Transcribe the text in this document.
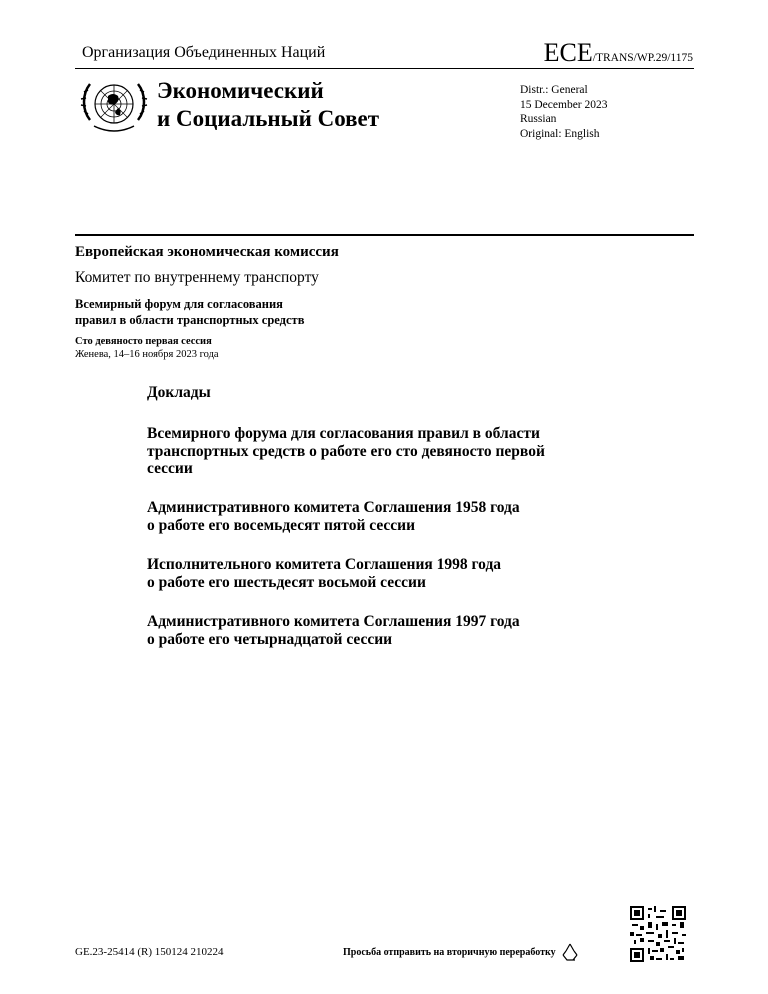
Организация Объединенных Наций	ECE/TRANS/WP.29/1175
Экономический
и Социальный Совет
Distr.: General
15 December 2023
Russian
Original: English
Европейская экономическая комиссия
Комитет по внутреннему транспорту
Всемирный форум для согласования
правил в области транспортных средств
Сто девяносто первая сессия
Женева, 14–16 ноября 2023 года
Доклады
Всемирного форума для согласования правил в области
транспортных средств о работе его сто девяносто первой
сессии
Административного комитета Соглашения 1958 года
о работе его восемьдесят пятой сессии
Исполнительного комитета Соглашения 1998 года
о работе его шестьдесят восьмой сессии
Административного комитета Соглашения 1997 года
о работе его четырнадцатой сессии
GE.23-25414 (R) 150124 210224	Просьба отправить на вторичную переработку
